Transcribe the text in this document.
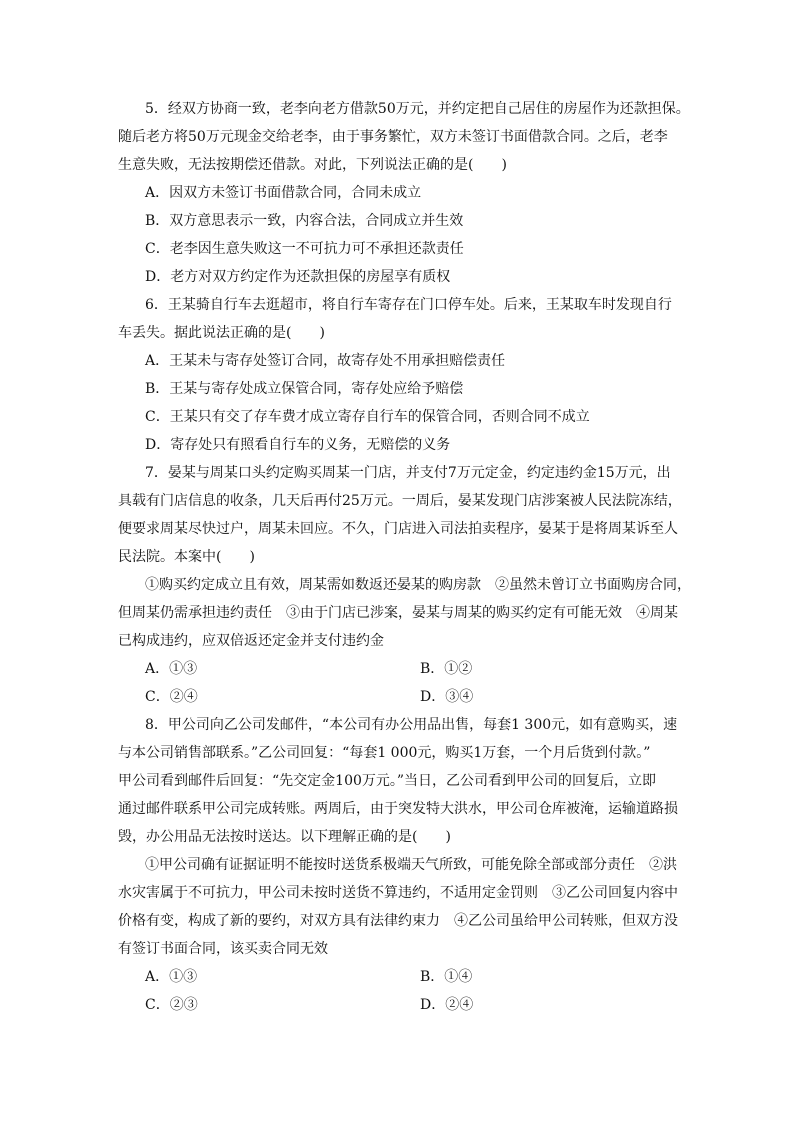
5．经双方协商一致，老李向老方借款50万元，并约定把自己居住的房屋作为还款担保。
随后老方将50万元现金交给老李，由于事务繁忙，双方未签订书面借款合同。之后，老李
生意失败，无法按期偿还借款。对此，下列说法正确的是(　　)
A．因双方未签订书面借款合同，合同未成立
B．双方意思表示一致，内容合法，合同成立并生效
C．老李因生意失败这一不可抗力可不承担还款责任
D．老方对双方约定作为还款担保的房屋享有质权
6．王某骑自行车去逛超市，将自行车寄存在门口停车处。后来，王某取车时发现自行
车丢失。据此说法正确的是(　　)
A．王某未与寄存处签订合同，故寄存处不用承担赔偿责任
B．王某与寄存处成立保管合同，寄存处应给予赔偿
C．王某只有交了存车费才成立寄存自行车的保管合同，否则合同不成立
D．寄存处只有照看自行车的义务，无赔偿的义务
7．晏某与周某口头约定购买周某一门店，并支付7万元定金，约定违约金15万元，出
具载有门店信息的收条，几天后再付25万元。一周后，晏某发现门店涉案被人民法院冻结，
便要求周某尽快过户，周某未回应。不久，门店进入司法拍卖程序，晏某于是将周某诉至人
民法院。本案中(　　)
①购买约定成立且有效，周某需如数返还晏某的购房款　②虽然未曾订立书面购房合同，
但周某仍需承担违约责任　③由于门店已涉案，晏某与周某的购买约定有可能无效　④周某
已构成违约，应双倍返还定金并支付违约金
A．①③	B．①②
C．②④	D．③④
8．甲公司向乙公司发邮件，“本公司有办公用品出售，每套1 300元，如有意购买，速
与本公司销售部联系。”乙公司回复：“每套1 000元，购买1万套，一个月后货到付款。”
甲公司看到邮件后回复：“先交定金100万元。”当日，乙公司看到甲公司的回复后，立即
通过邮件联系甲公司完成转账。两周后，由于突发特大洪水，甲公司仓库被淹，运输道路损
毁，办公用品无法按时送达。以下理解正确的是(　　)
①甲公司确有证据证明不能按时送货系极端天气所致，可能免除全部或部分责任　②洪
水灾害属于不可抗力，甲公司未按时送货不算违约，不适用定金罚则　③乙公司回复内容中
价格有变，构成了新的要约，对双方具有法律约束力　④乙公司虽给甲公司转账，但双方没
有签订书面合同，该买卖合同无效
A．①③	B．①④
C．②③	D．②④
